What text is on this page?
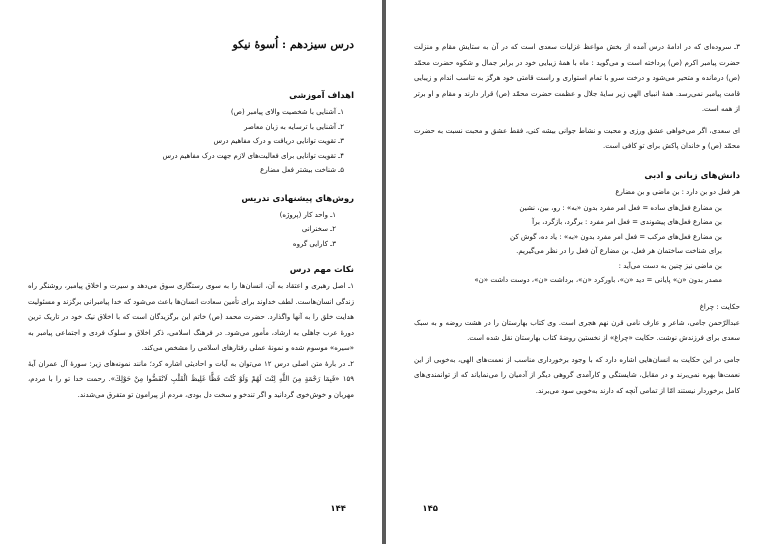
درس سیزدهم : اُسوهٔ نیکو
اهداف آموزشی
۱ـ آشنایی با شخصیت والای پیامبر (ص)
۲ـ آشنایی با ترسایه به زبان معاصر
۳ـ تقویت توانایی دریافت و درک مفاهیم درس
۴ـ تقویت توانایی برای فعالیت‌های لازم جهت درک مفاهیم درس
۵ـ شناخت بیشتر فعل مضارع
روش‌های پیشنهادی تدریس
۱ـ واحد کار (پروژه)
۲ـ سخنرانی
۳ـ کارایی گروه
نکات مهم درس

۱ـ اصل رهبری و اعتقاد به آن، انسان‌ها را به سوی رستگاری سوق می‌دهد و سیرت و اخلاق پیامبر، روشنگر راه زندگی انسان‌هاست. لطف خداوند برای تأمین سعادت انسان‌ها باعث می‌شود که خدا پیامبرانی برگزند و مسئولیت هدایت خلق را به آنها واگذارد. حضرت محمد (ص) خاتم این برگزیدگان است که با اخلاق نیک خود در تاریک ترین دورهٔ عرب جاهلی به ارشاد، مأمور می‌شود. در فرهنگ اسلامی، ذکر اخلاق و سلوک فردی و اجتماعی پیامبر به «سیره» موسوم شده و نمونهٔ عملی رفتارهای اسلامی را مشخص می‌کند.

۲ـ در بارهٔ متن اصلی درس ۱۲ می‌توان به آیات و احادیثی اشاره کرد؛ مانند نمونه‌های زیر: سورهٔ آل عمران آیهٔ ۱۵۹ «فَبِمَا رَحْمَةٍ مِنَ اللَّهِ لِنْتَ لَهُمْ وَلَوْ كُنْتَ فَظًّا غَلِيظَ الْقَلْبِ لَانْفَضُّوا مِنْ حَوْلِكَ». رحمت خدا تو را با مردم، مهربان و خوش‌خوی گردانید و اگر تندخو و سخت دل بودی، مردم از پیرامون تو متفرق می‌شدند.

۱۴۴

۳ـ سروده‌ای که در ادامهٔ درس آمده از بخش مواعظ غزلیات سعدی است که در آن به ستایش مقام و منزلت حضرت پیامبر اکرم (ص) پرداخته است و می‌گوید : ماه با همهٔ زیبایی خود در برابر جمال و شکوه حضرت محمّد (ص) درمانده و متحیر می‌شود و درخت سرو با تمام استواری و راست قامتی خود هرگز به تناسب اندام و زیبایی قامت پیامبر نمی‌رسد. همهٔ انبیای الهی زیر سایهٔ جلال و عظمت حضرت محمّد (ص) قرار دارند و مقام و او برتر از همه است.

ای سعدی، اگر می‌خواهی عشق ورزی و محبت و نشاط جوانی بیشه کنی، فقط عشق و محبت نسبت به حضرت محمّد (ص) و خاندان پاکش برای تو کافی است.

دانش‌های زبانی و ادبی
هر فعل دو بن دارد : بن ماضی و بن مضارع
بن مضارع فعل‌های ساده = فعل امر مفرد بدون «به» : رو، بین، نشین
بن مضارع فعل‌های پیشوندی = فعل امر مفرد : برگرد، بازگرد، برآ
بن مضارع فعل‌های مرکب = فعل امر مفرد بدون «به» : یاد ده، گوش کن
برای شناخت ساختمان هر فعل، بن مضارع آن فعل را در نظر می‌گیریم.
بن ماضی نیز چنین به دست می‌آید :
مصدر بدون «ن» پایانی = دید «ن»، باورکرد «ن»، برداشت «ن»، دوست داشت «ن»
حکایت : چراغ

عبدالرّحمن جامی، شاعر و عارف نامی قرن نهم هجری است. وی کتاب بهارستان را در هشت روضه و به سبک سعدی برای فرزندش نوشت. حکایت «چراغ» از نخستین روضهٔ کتاب بهارستان نقل شده است.

جامی در این حکایت به انسان‌هایی اشاره دارد که با وجود برخورداری مناسب از نعمت‌های الهی، به‌خوبی از این نعمت‌ها بهره نمی‌برند و در مقابل، شایستگی و کارآمدی گروهی دیگر از آدمیان را می‌نمایاند که از توانمندی‌های کامل برخوردار نیستند امّا از تمامی آنچه که دارند به‌خوبی سود می‌برند.

۱۴۵
